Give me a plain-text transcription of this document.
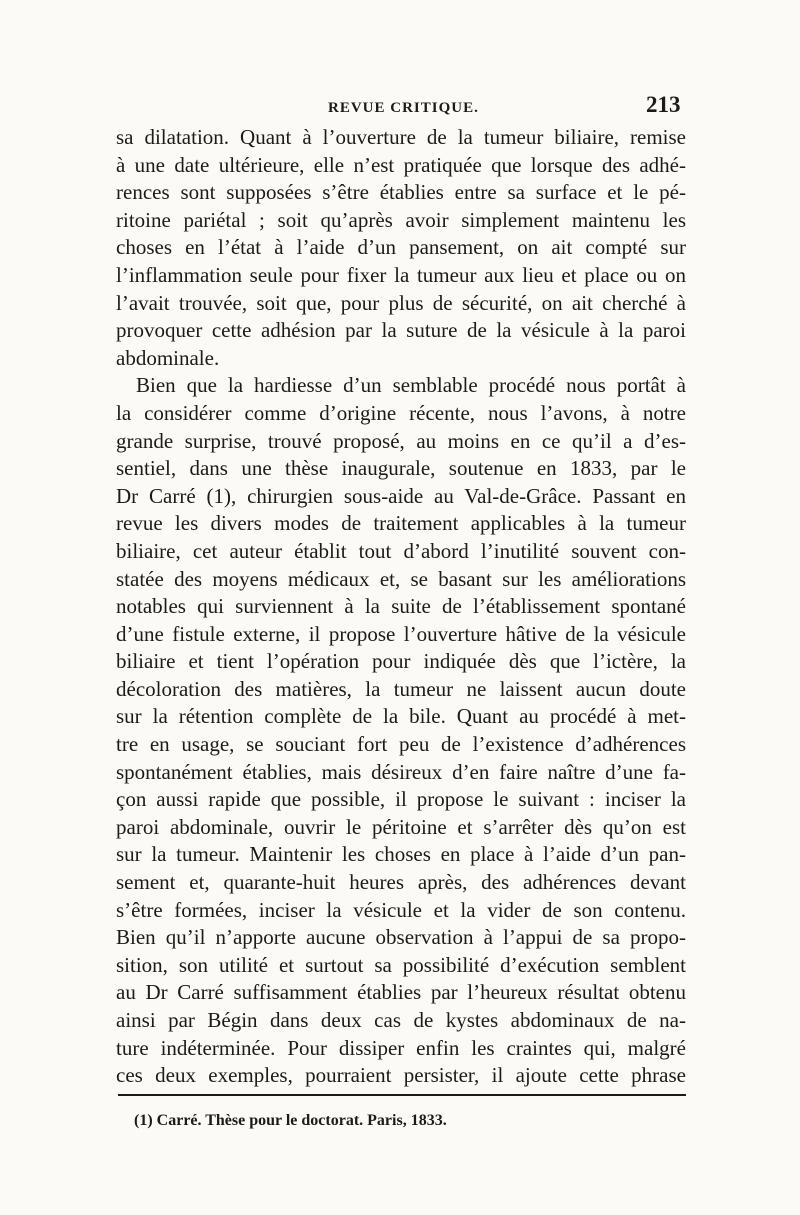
REVUE CRITIQUE.	213
sa dilatation. Quant à l’ouverture de la tumeur biliaire, remise
à une date ultérieure, elle n’est pratiquée que lorsque des adhé-
rences sont supposées s’être établies entre sa surface et le pé-
ritoine pariétal ; soit qu’après avoir simplement maintenu les
choses en l’état à l’aide d’un pansement, on ait compté sur
l’inflammation seule pour fixer la tumeur aux lieu et place ou on
l’avait trouvée, soit que, pour plus de sécurité, on ait cherché à
provoquer cette adhésion par la suture de la vésicule à la paroi
abdominale.
Bien que la hardiesse d’un semblable procédé nous portât à
la considérer comme d’origine récente, nous l’avons, à notre
grande surprise, trouvé proposé, au moins en ce qu’il a d’es-
sentiel, dans une thèse inaugurale, soutenue en 1833, par le
Dr Carré (1), chirurgien sous-aide au Val-de-Grâce. Passant en
revue les divers modes de traitement applicables à la tumeur
biliaire, cet auteur établit tout d’abord l’inutilité souvent con-
statée des moyens médicaux et, se basant sur les améliorations
notables qui surviennent à la suite de l’établissement spontané
d’une fistule externe, il propose l’ouverture hâtive de la vésicule
biliaire et tient l’opération pour indiquée dès que l’ictère, la
décoloration des matières, la tumeur ne laissent aucun doute
sur la rétention complète de la bile. Quant au procédé à met-
tre en usage, se souciant fort peu de l’existence d’adhérences
spontanément établies, mais désireux d’en faire naître d’une fa-
çon aussi rapide que possible, il propose le suivant : inciser la
paroi abdominale, ouvrir le péritoine et s’arrêter dès qu’on est
sur la tumeur. Maintenir les choses en place à l’aide d’un pan-
sement et, quarante-huit heures après, des adhérences devant
s’être formées, inciser la vésicule et la vider de son contenu.
Bien qu’il n’apporte aucune observation à l’appui de sa propo-
sition, son utilité et surtout sa possibilité d’exécution semblent
au Dr Carré suffisamment établies par l’heureux résultat obtenu
ainsi par Bégin dans deux cas de kystes abdominaux de na-
ture indéterminée. Pour dissiper enfin les craintes qui, malgré
ces deux exemples, pourraient persister, il ajoute cette phrase
(1) Carré. Thèse pour le doctorat. Paris, 1833.
